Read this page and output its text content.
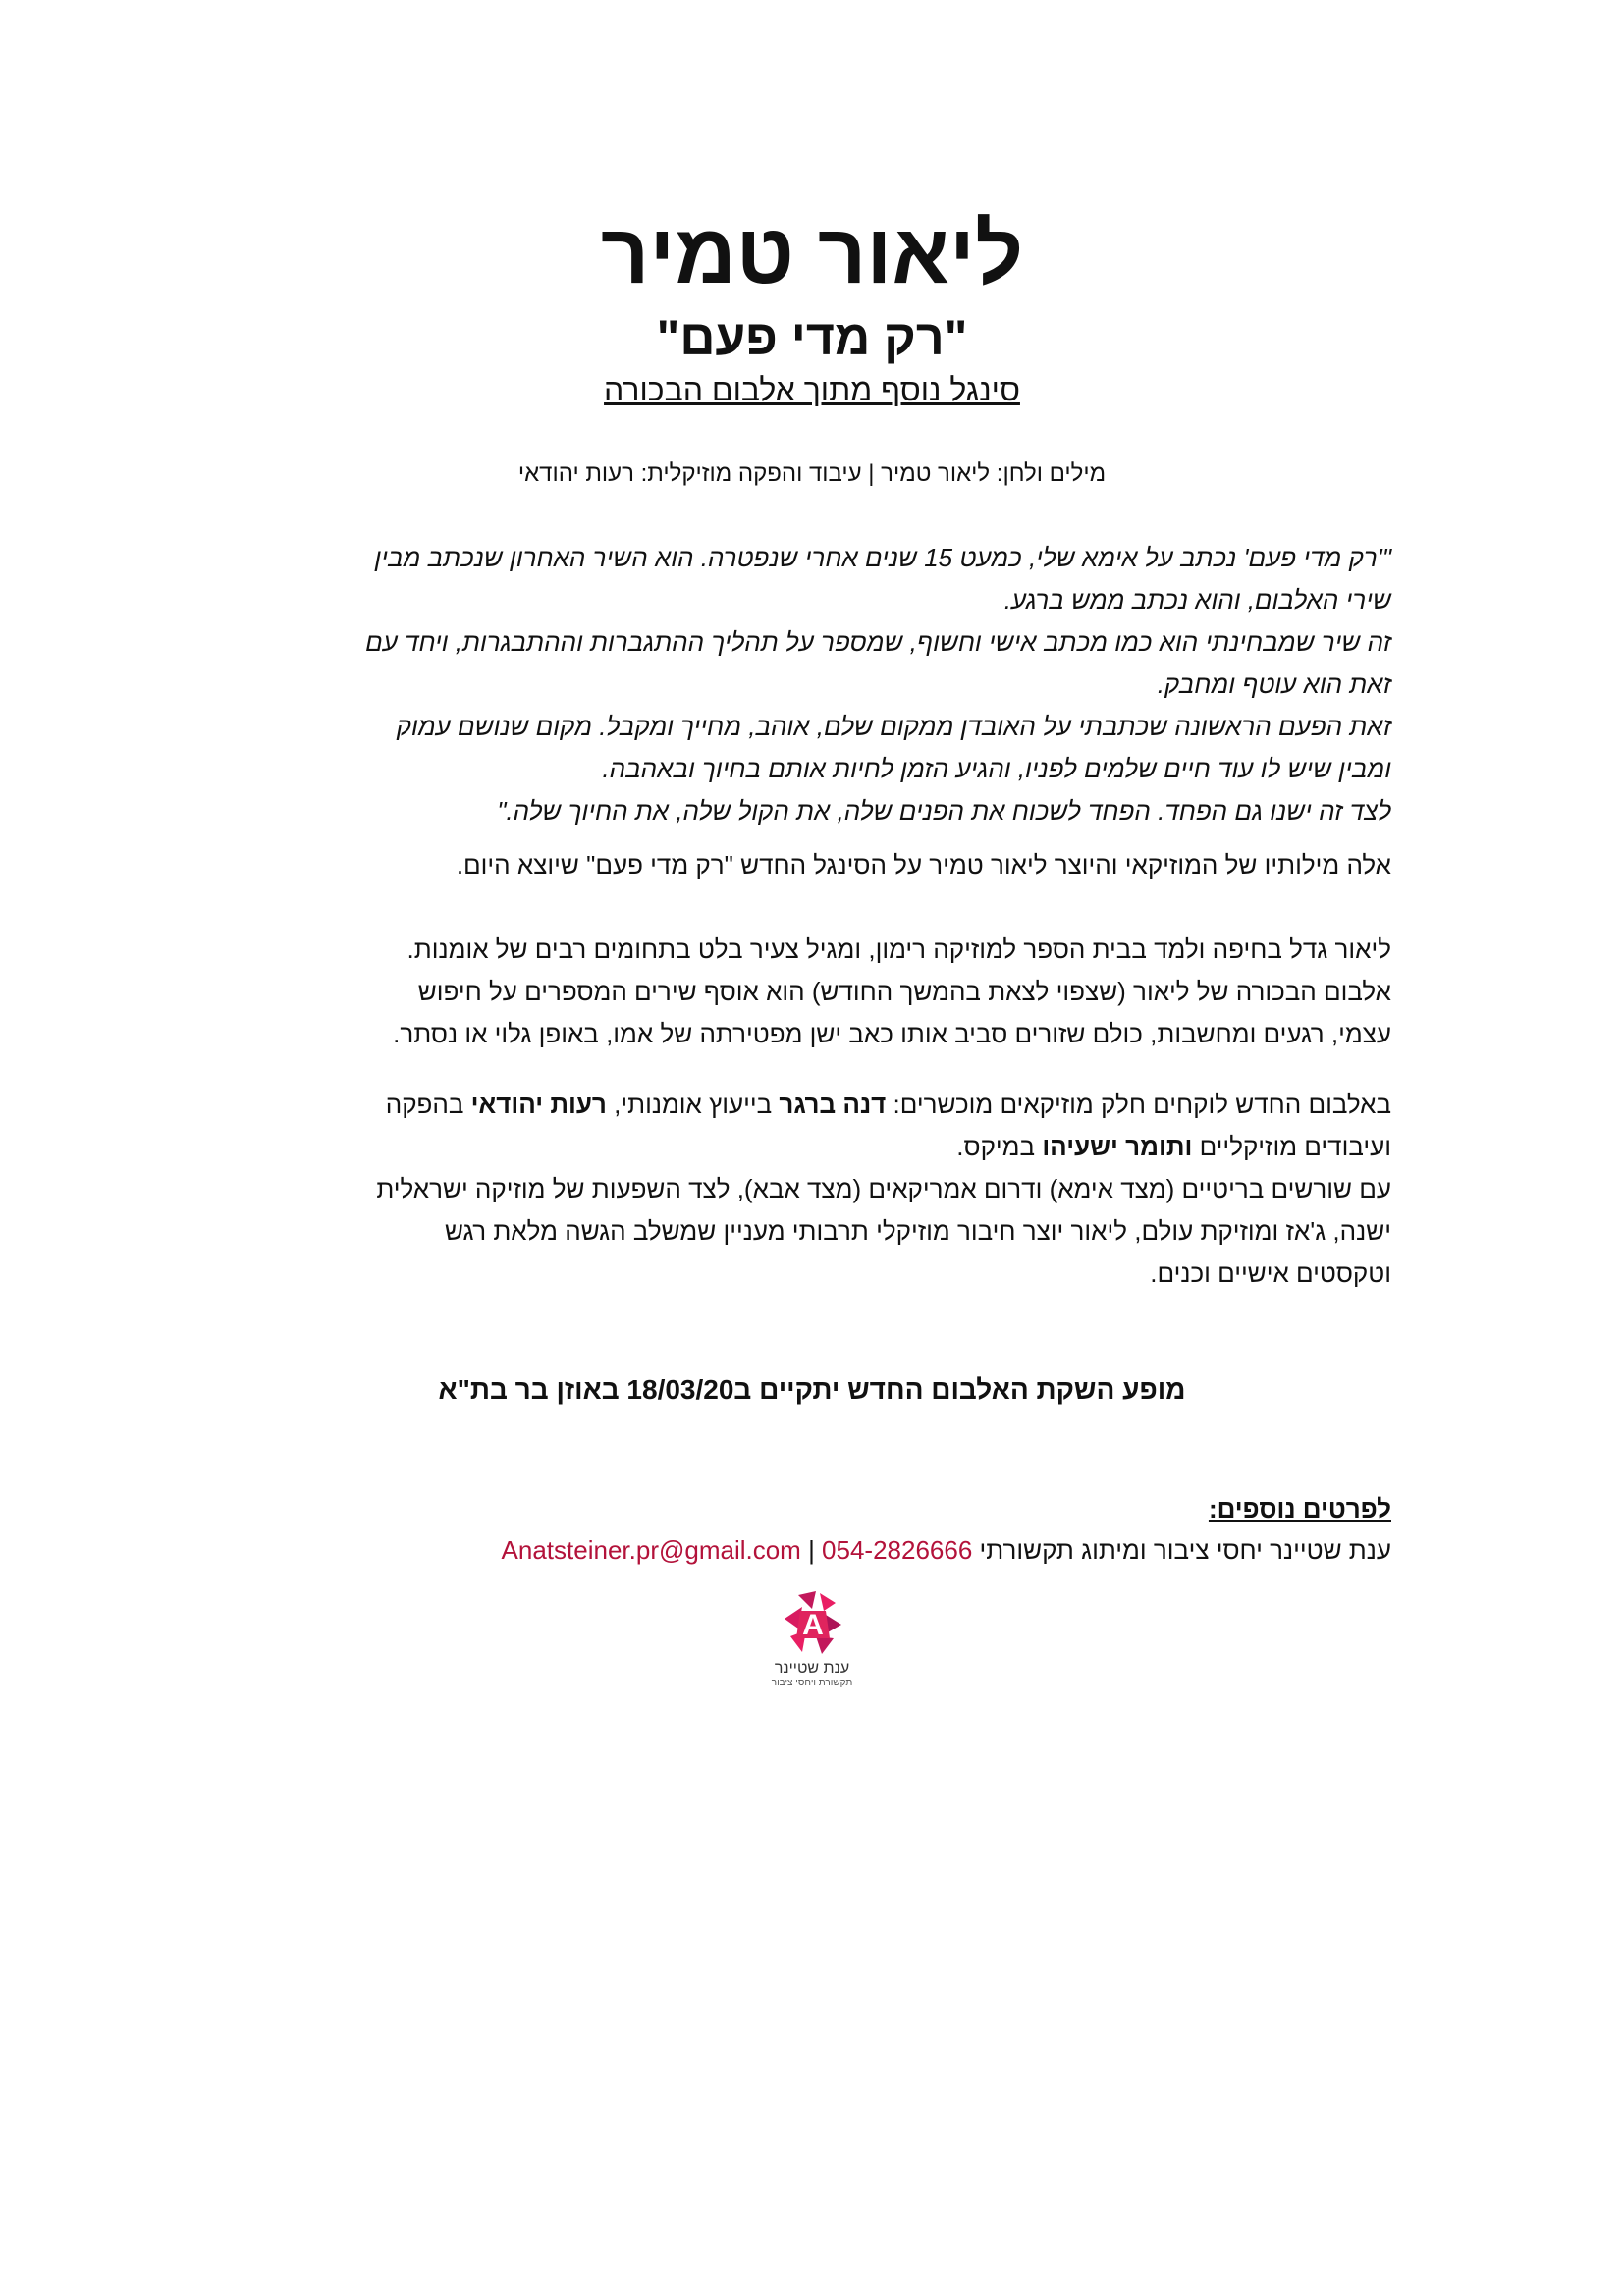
ליאור טמיר
"רק מדי פעם"

סינגל נוסף מתוך אלבום הבכורה

מילים ולחן: ליאור טמיר | עיבוד והפקה מוזיקלית: רעות יהודאי

"'רק מדי פעם' נכתב על אימא שלי, כמעט 15 שנים אחרי שנפטרה. הוא השיר האחרון שנכתב מבין

שירי האלבום, והוא נכתב ממש ברגע.

זה שיר שמבחינתי הוא כמו מכתב אישי וחשוף, שמספר על תהליך ההתגברות וההתבגרות, ויחד עם

זאת הוא עוטף ומחבק.

זאת הפעם הראשונה שכתבתי על האובדן ממקום שלם, אוהב, מחייך ומקבל. מקום שנושם עמוק

ומבין שיש לו עוד חיים שלמים לפניו, והגיע הזמן לחיות אותם בחיוך ובאהבה.

לצד זה ישנו גם הפחד. הפחד לשכוח את הפנים שלה, את הקול שלה, את החיוך שלה."

אלה מילותיו של המוזיקאי והיוצר ליאור טמיר על הסינגל החדש "רק מדי פעם" שיוצא היום.

ליאור גדל בחיפה ולמד בבית הספר למוזיקה רימון, ומגיל צעיר בלט בתחומים רבים של אומנות.

אלבום הבכורה של ליאור (שצפוי לצאת בהמשך החודש) הוא אוסף שירים המספרים על חיפוש

עצמי, רגעים ומחשבות, כולם שזורים סביב אותו כאב ישן מפטירתה של אמו, באופן גלוי או נסתר.

באלבום החדש לוקחים חלק מוזיקאים מוכשרים: דנה ברגר בייעוץ אומנותי, רעות יהודאי בהפקה

ועיבודים מוזיקליים ותומר ישעיהו במיקס.

עם שורשים בריטיים (מצד אימא) ודרום אמריקאים (מצד אבא), לצד השפעות של מוזיקה ישראלית

ישנה, ג'אז ומוזיקת עולם, ליאור יוצר חיבור מוזיקלי תרבותי מעניין שמשלב הגשה מלאת רגש

וטקסטים אישיים וכנים.

מופע השקת האלבום החדש יתקיים ב18/03/20 באוזן בר בת"א
לפרטים נוספים:
ענת שטיינר יחסי ציבור ומיתוג תקשורתי 054-2826666 | Anatsteiner.pr@gmail.com
A
ענת שטיינר
תקשורת ויחסי ציבור
